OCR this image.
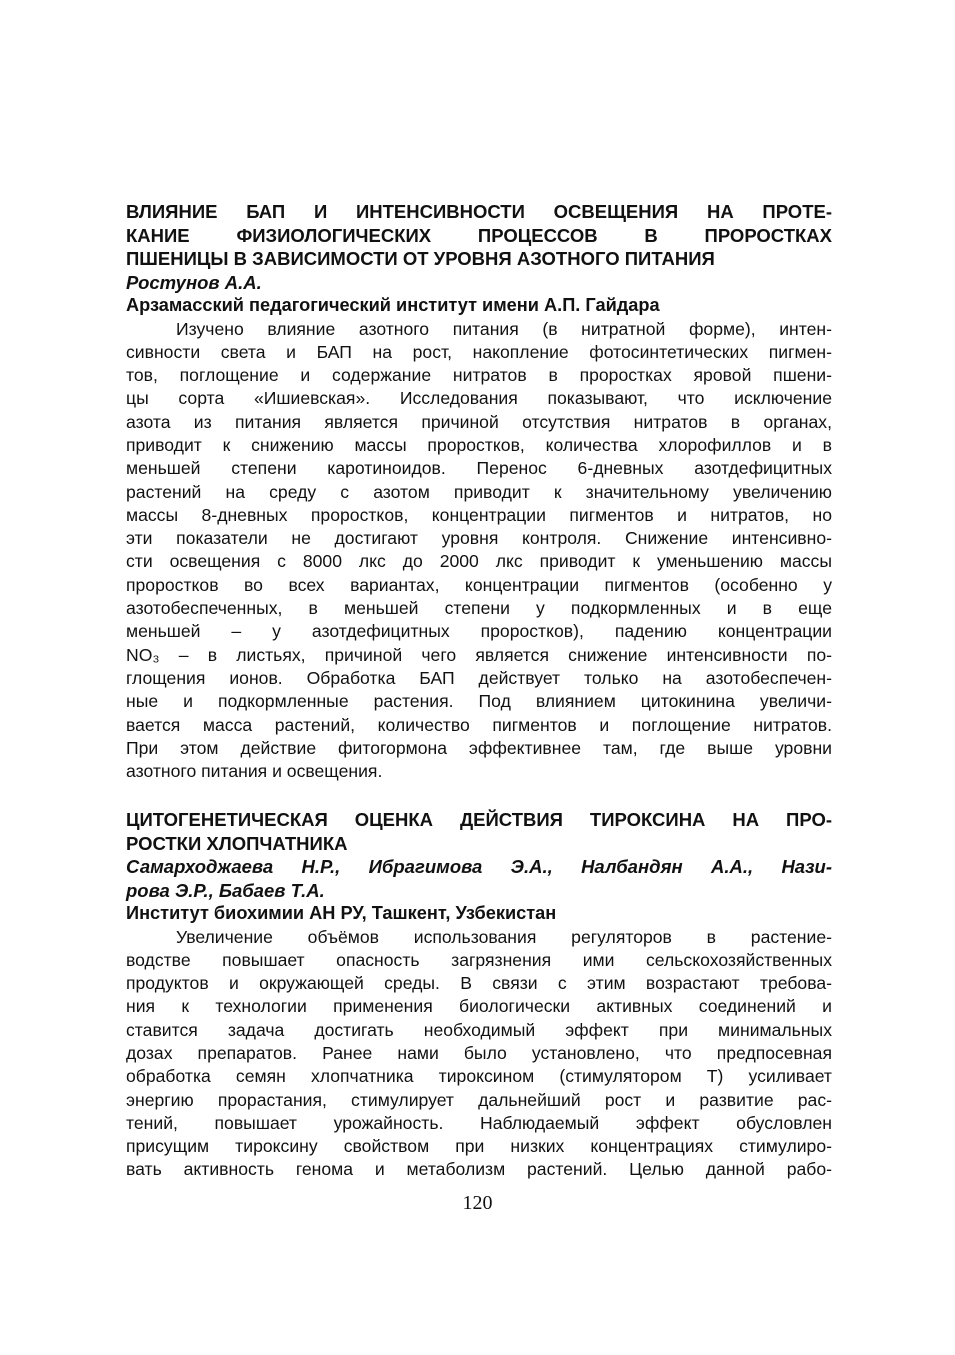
ВЛИЯНИЕ БАП И ИНТЕНСИВНОСТИ ОСВЕЩЕНИЯ НА ПРОТЕ-
КАНИЕ ФИЗИОЛОГИЧЕСКИХ ПРОЦЕССОВ В ПРОРОСТКАХ
ПШЕНИЦЫ В ЗАВИСИМОСТИ ОТ УРОВНЯ АЗОТНОГО ПИТАНИЯ
Ростунов А.А.
Арзамасский педагогический институт имени А.П. Гайдара
Изучено влияние азотного питания (в нитратной форме), интен-
сивности света и БАП на рост, накопление фотосинтетических пигмен-
тов, поглощение и содержание нитратов в проростках яровой пшени-
цы сорта «Ишиевская». Исследования показывают, что исключение
азота из питания является причиной отсутствия нитратов в органах,
приводит к снижению массы проростков, количества хлорофиллов и в
меньшей степени каротиноидов. Перенос 6-дневных азотдефицитных
растений на среду с азотом приводит к значительному увеличению
массы 8-дневных проростков, концентрации пигментов и нитратов, но
эти показатели не достигают уровня контроля. Снижение интенсивно-
сти освещения с 8000 лкс до 2000 лкс приводит к уменьшению массы
проростков во всех вариантах, концентрации пигментов (особенно у
азотобеспеченных, в меньшей степени у подкормленных и в еще
меньшей – у азотдефицитных проростков), падению концентрации
NO₃ – в листьях, причиной чего является снижение интенсивности по-
глощения ионов. Обработка БАП действует только на азотобеспечен-
ные и подкормленные растения. Под влиянием цитокинина увеличи-
вается масса растений, количество пигментов и поглощение нитратов.
При этом действие фитогормона эффективнее там, где выше уровни
азотного питания и освещения.
ЦИТОГЕНЕТИЧЕСКАЯ ОЦЕНКА ДЕЙСТВИЯ ТИРОКСИНА НА ПРО-
РОСТКИ ХЛОПЧАТНИКА
Самарходжаева Н.Р., Ибрагимова Э.А., Налбандян А.А., Нази-
рова Э.Р., Бабаев Т.А.
Институт биохимии АН РУ, Ташкент, Узбекистан
Увеличение объёмов использования регуляторов в растение-
водстве повышает опасность загрязнения ими сельскохозяйственных
продуктов и окружающей среды. В связи с этим возрастают требова-
ния к технологии применения биологически активных соединений и
ставится задача достигать необходимый эффект при минимальных
дозах препаратов. Ранее нами было установлено, что предпосевная
обработка семян хлопчатника тироксином (стимулятором Т) усиливает
энергию прорастания, стимулирует дальнейший рост и развитие рас-
тений, повышает урожайность. Наблюдаемый эффект обусловлен
присущим тироксину свойством при низких концентрациях стимулиро-
вать активность генома и метаболизм растений. Целью данной рабо-
120
